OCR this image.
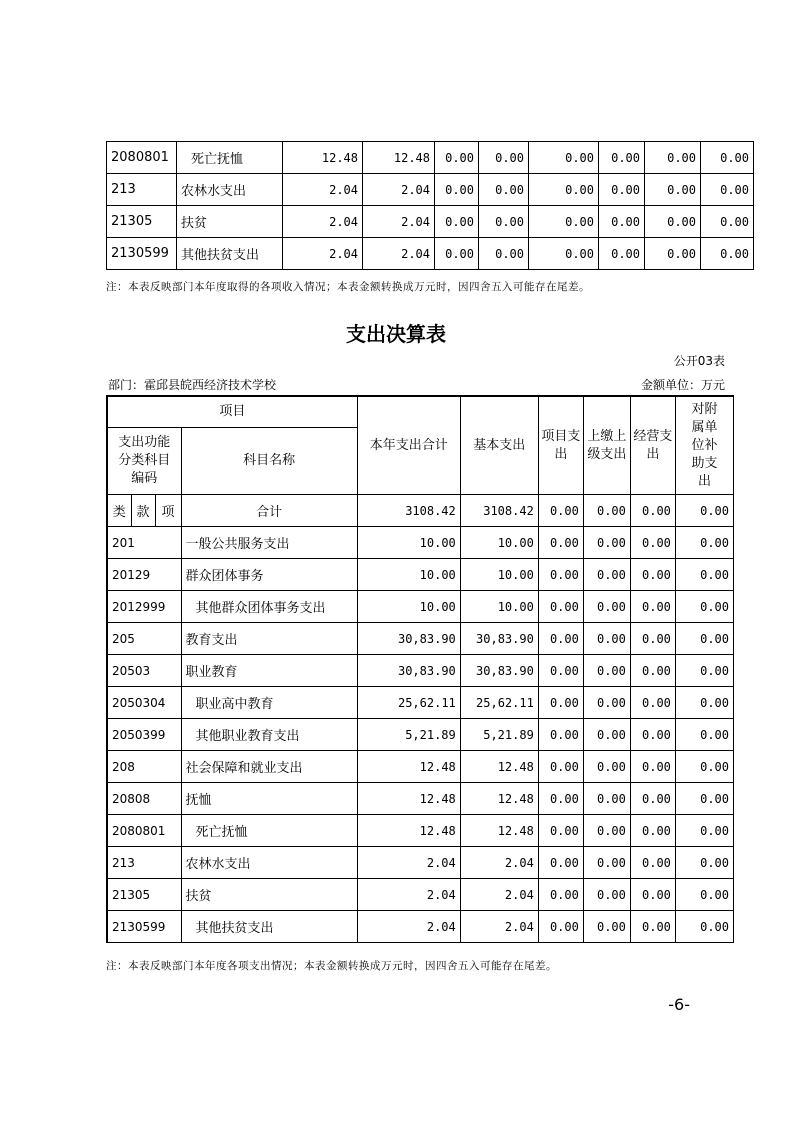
2080801	死亡抚恤	12.48	12.48	0.00	0.00	0.00	0.00	0.00	0.00
213	农林水支出	2.04	2.04	0.00	0.00	0.00	0.00	0.00	0.00
21305	扶贫	2.04	2.04	0.00	0.00	0.00	0.00	0.00	0.00
2130599	其他扶贫支出	2.04	2.04	0.00	0.00	0.00	0.00	0.00	0.00
注：本表反映部门本年度取得的各项收入情况；本表金额转换成万元时，因四舍五入可能存在尾差。
支出决算表
公开03表
部门：霍邱县皖西经济技术学校	金额单位：万元
项目				本年支出合计	基本支出	项目支出	上缴上级支出	经营支出	对附属单位补助支出
支出功能分类科目编码			科目名称						
类	款	项	合计	3108.42	3108.42	0.00	0.00	0.00	0.00
201			一般公共服务支出	10.00	10.00	0.00	0.00	0.00	0.00
20129			群众团体事务	10.00	10.00	0.00	0.00	0.00	0.00
2012999			其他群众团体事务支出	10.00	10.00	0.00	0.00	0.00	0.00
205			教育支出	30,83.90	30,83.90	0.00	0.00	0.00	0.00
20503			职业教育	30,83.90	30,83.90	0.00	0.00	0.00	0.00
2050304			职业高中教育	25,62.11	25,62.11	0.00	0.00	0.00	0.00
2050399			其他职业教育支出	5,21.89	5,21.89	0.00	0.00	0.00	0.00
208			社会保障和就业支出	12.48	12.48	0.00	0.00	0.00	0.00
20808			抚恤	12.48	12.48	0.00	0.00	0.00	0.00
2080801			死亡抚恤	12.48	12.48	0.00	0.00	0.00	0.00
213			农林水支出	2.04	2.04	0.00	0.00	0.00	0.00
21305			扶贫	2.04	2.04	0.00	0.00	0.00	0.00
2130599			其他扶贫支出	2.04	2.04	0.00	0.00	0.00	0.00
注：本表反映部门本年度各项支出情况；本表金额转换成万元时，因四舍五入可能存在尾差。
-6-
